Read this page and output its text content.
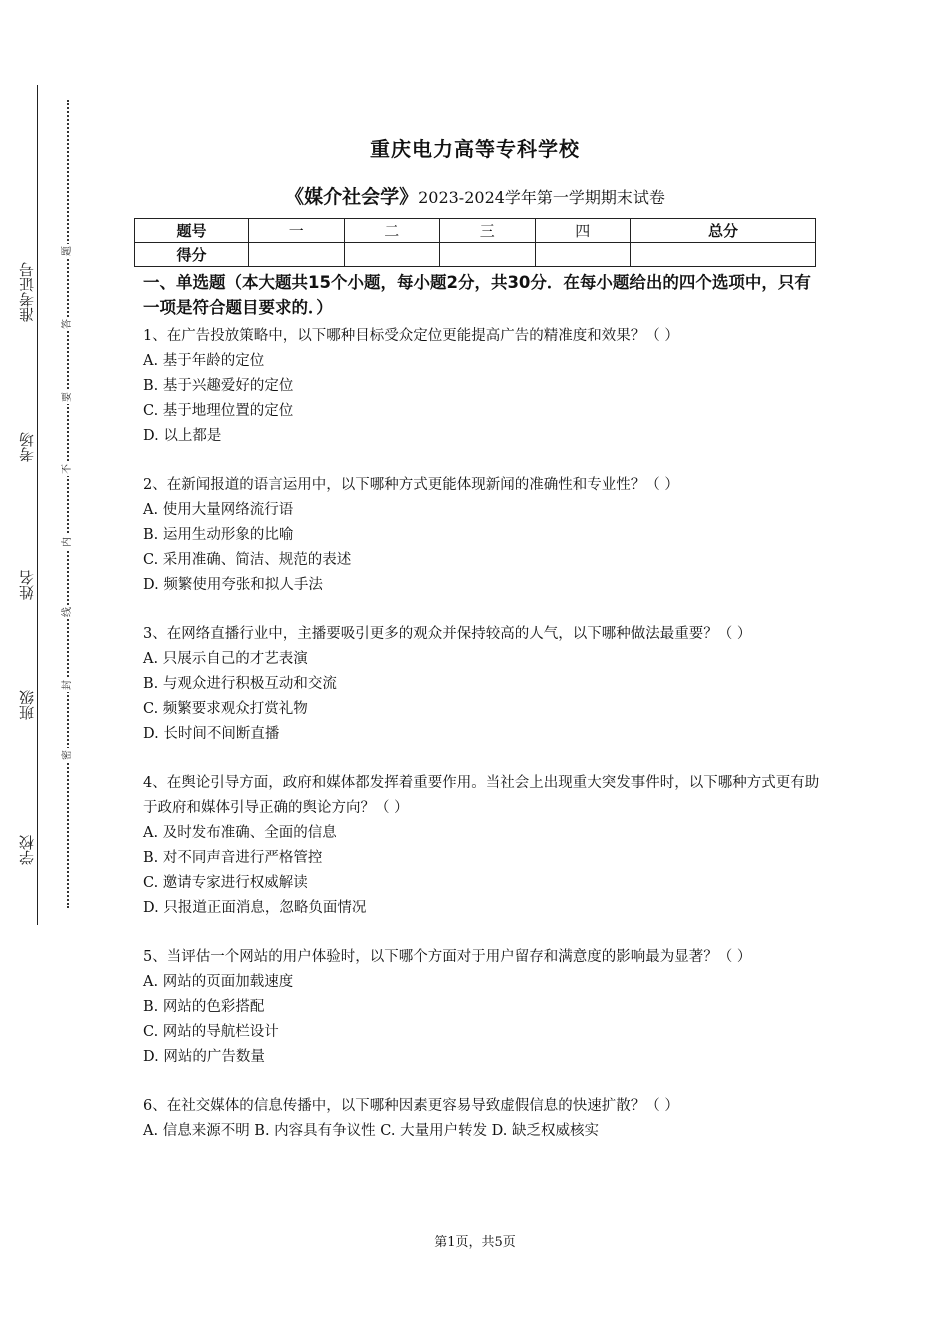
学校
班级
姓名
考场
准考证号
题
答
要
不
内
线
封
密
重庆电力高等专科学校
《媒介社会学》2023-2024学年第一学期期末试卷
题号	一	二	三	四	总分
得分					

一、单选题（本大题共15个小题，每小题2分，共30分．在每小题给出的四个选项中，只有一项是符合题目要求的．）

1、在广告投放策略中，以下哪种目标受众定位更能提高广告的精准度和效果？（ ）

A. 基于年龄的定位

B. 基于兴趣爱好的定位

C. 基于地理位置的定位

D. 以上都是

2、在新闻报道的语言运用中，以下哪种方式更能体现新闻的准确性和专业性？（ ）

A. 使用大量网络流行语

B. 运用生动形象的比喻

C. 采用准确、简洁、规范的表述

D. 频繁使用夸张和拟人手法

3、在网络直播行业中，主播要吸引更多的观众并保持较高的人气，以下哪种做法最重要？（ ）

A. 只展示自己的才艺表演

B. 与观众进行积极互动和交流

C. 频繁要求观众打赏礼物

D. 长时间不间断直播

4、在舆论引导方面，政府和媒体都发挥着重要作用。当社会上出现重大突发事件时，以下哪种方式更有助于政府和媒体引导正确的舆论方向？（ ）

A. 及时发布准确、全面的信息

B. 对不同声音进行严格管控

C. 邀请专家进行权威解读

D. 只报道正面消息，忽略负面情况

5、当评估一个网站的用户体验时，以下哪个方面对于用户留存和满意度的影响最为显著？（ ）

A. 网站的页面加载速度

B. 网站的色彩搭配

C. 网站的导航栏设计

D. 网站的广告数量

6、在社交媒体的信息传播中，以下哪种因素更容易导致虚假信息的快速扩散？（ ）

A. 信息来源不明 B. 内容具有争议性 C. 大量用户转发 D. 缺乏权威核实

第1页，共5页
